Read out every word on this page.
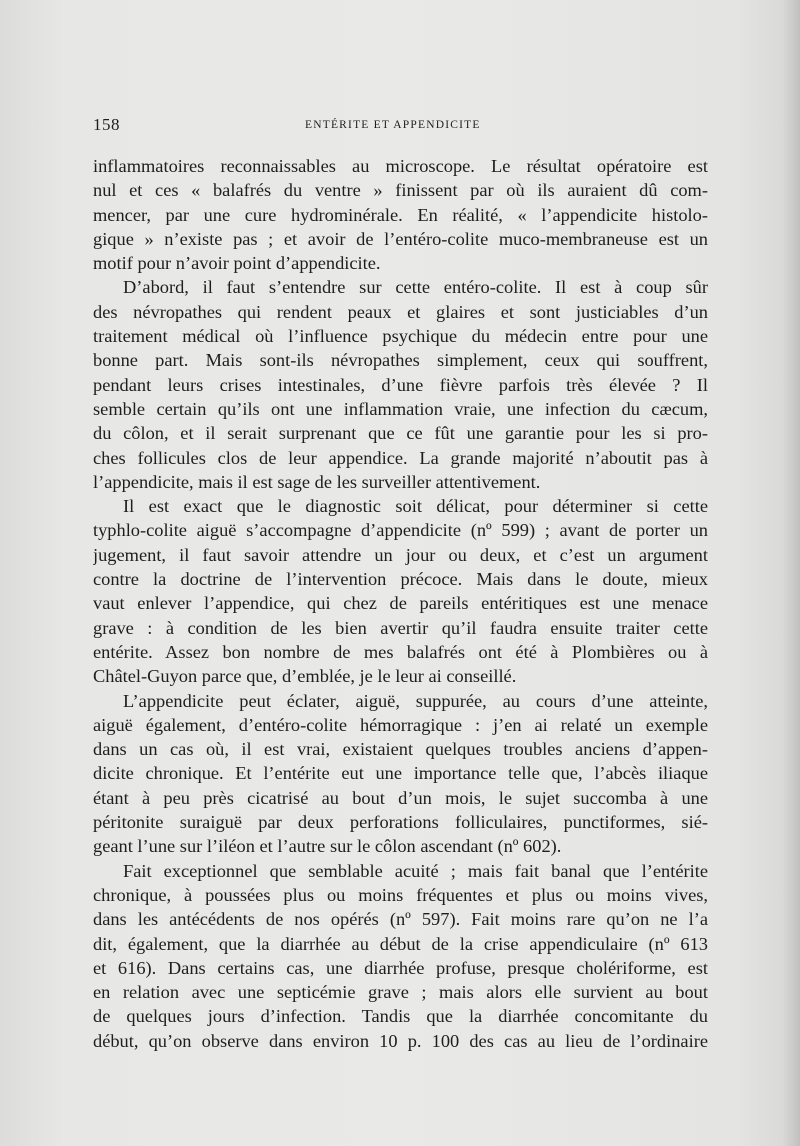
158	ENTÉRITE ET APPENDICITE
inflammatoires reconnaissables au microscope. Le résultat opératoire est
nul et ces « balafrés du ventre » finissent par où ils auraient dû com-
mencer, par une cure hydrominérale. En réalité, « l’appendicite histolo-
gique » n’existe pas ; et avoir de l’entéro-colite muco-membraneuse est un
motif pour n’avoir point d’appendicite.
D’abord, il faut s’entendre sur cette entéro-colite. Il est à coup sûr
des névropathes qui rendent peaux et glaires et sont justiciables d’un
traitement médical où l’influence psychique du médecin entre pour une
bonne part. Mais sont-ils névropathes simplement, ceux qui souffrent,
pendant leurs crises intestinales, d’une fièvre parfois très élevée ? Il
semble certain qu’ils ont une inflammation vraie, une infection du cæcum,
du côlon, et il serait surprenant que ce fût une garantie pour les si pro-
ches follicules clos de leur appendice. La grande majorité n’aboutit pas à
l’appendicite, mais il est sage de les surveiller attentivement.
Il est exact que le diagnostic soit délicat, pour déterminer si cette
typhlo-colite aiguë s’accompagne d’appendicite (nº 599) ; avant de porter un
jugement, il faut savoir attendre un jour ou deux, et c’est un argument
contre la doctrine de l’intervention précoce. Mais dans le doute, mieux
vaut enlever l’appendice, qui chez de pareils entéritiques est une menace
grave : à condition de les bien avertir qu’il faudra ensuite traiter cette
entérite. Assez bon nombre de mes balafrés ont été à Plombières ou à
Châtel-Guyon parce que, d’emblée, je le leur ai conseillé.
L’appendicite peut éclater, aiguë, suppurée, au cours d’une atteinte,
aiguë également, d’entéro-colite hémorragique : j’en ai relaté un exemple
dans un cas où, il est vrai, existaient quelques troubles anciens d’appen-
dicite chronique. Et l’entérite eut une importance telle que, l’abcès iliaque
étant à peu près cicatrisé au bout d’un mois, le sujet succomba à une
péritonite suraiguë par deux perforations folliculaires, punctiformes, sié-
geant l’une sur l’iléon et l’autre sur le côlon ascendant (nº 602).
Fait exceptionnel que semblable acuité ; mais fait banal que l’entérite
chronique, à poussées plus ou moins fréquentes et plus ou moins vives,
dans les antécédents de nos opérés (nº 597). Fait moins rare qu’on ne l’a
dit, également, que la diarrhée au début de la crise appendiculaire (nº 613
et 616). Dans certains cas, une diarrhée profuse, presque cholériforme, est
en relation avec une septicémie grave ; mais alors elle survient au bout
de quelques jours d’infection. Tandis que la diarrhée concomitante du
début, qu’on observe dans environ 10 p. 100 des cas au lieu de l’ordinaire
